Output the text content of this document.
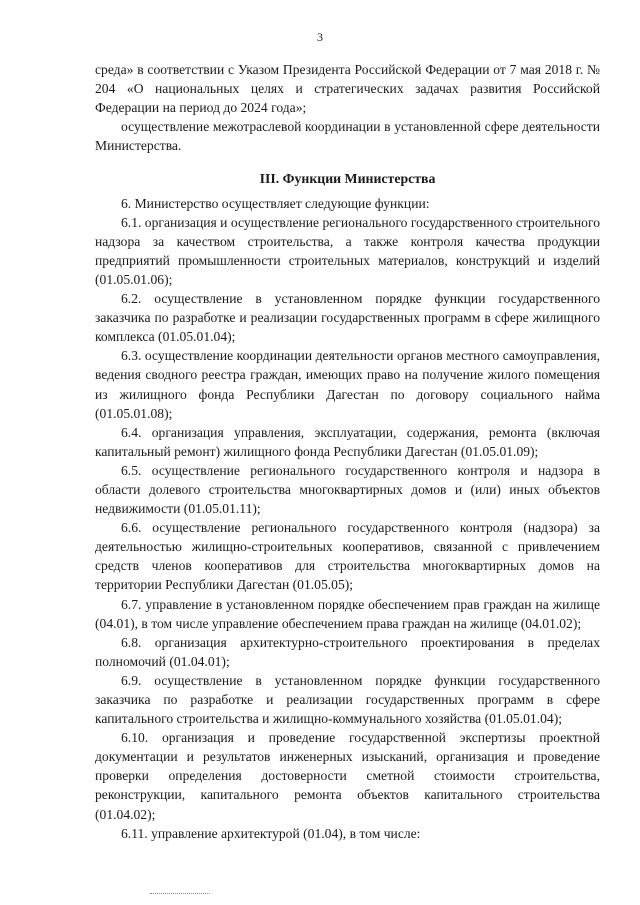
3

среда» в соответствии с Указом Президента Российской Федерации от 7 мая 2018 г. № 204 «О национальных целях и стратегических задачах развития Российской Федерации на период до 2024 года»;

осуществление межотраслевой координации в установленной сфере деятельности Министерства.

III. Функции Министерства

6. Министерство осуществляет следующие функции:

6.1. организация и осуществление регионального государственного строительного надзора за качеством строительства, а также контроля качества продукции предприятий промышленности строительных материалов, конструкций и изделий (01.05.01.06);

6.2. осуществление в установленном порядке функции государственного заказчика по разработке и реализации государственных программ в сфере жилищного комплекса (01.05.01.04);

6.3. осуществление координации деятельности органов местного самоуправления, ведения сводного реестра граждан, имеющих право на получение жилого помещения из жилищного фонда Республики Дагестан по договору социального найма (01.05.01.08);

6.4. организация управления, эксплуатации, содержания, ремонта (включая капитальный ремонт) жилищного фонда Республики Дагестан (01.05.01.09);

6.5. осуществление регионального государственного контроля и надзора в области долевого строительства многоквартирных домов и (или) иных объектов недвижимости (01.05.01.11);

6.6. осуществление регионального государственного контроля (надзора) за деятельностью жилищно-строительных кооперативов, связанной с привлечением средств членов кооперативов для строительства многоквартирных домов на территории Республики Дагестан (01.05.05);

6.7. управление в установленном порядке обеспечением прав граждан на жилище (04.01), в том числе управление обеспечением права граждан на жилище (04.01.02);

6.8. организация архитектурно-строительного проектирования в пределах полномочий (01.04.01);

6.9. осуществление в установленном порядке функции государственного заказчика по разработке и реализации государственных программ в сфере капитального строительства и жилищно-коммунального хозяйства (01.05.01.04);

6.10. организация и проведение государственной экспертизы проектной документации и результатов инженерных изысканий, организация и проведение проверки определения достоверности сметной стоимости строительства, реконструкции, капитального ремонта объектов капитального строительства (01.04.02);

6.11. управление архитектурой (01.04), в том числе:
